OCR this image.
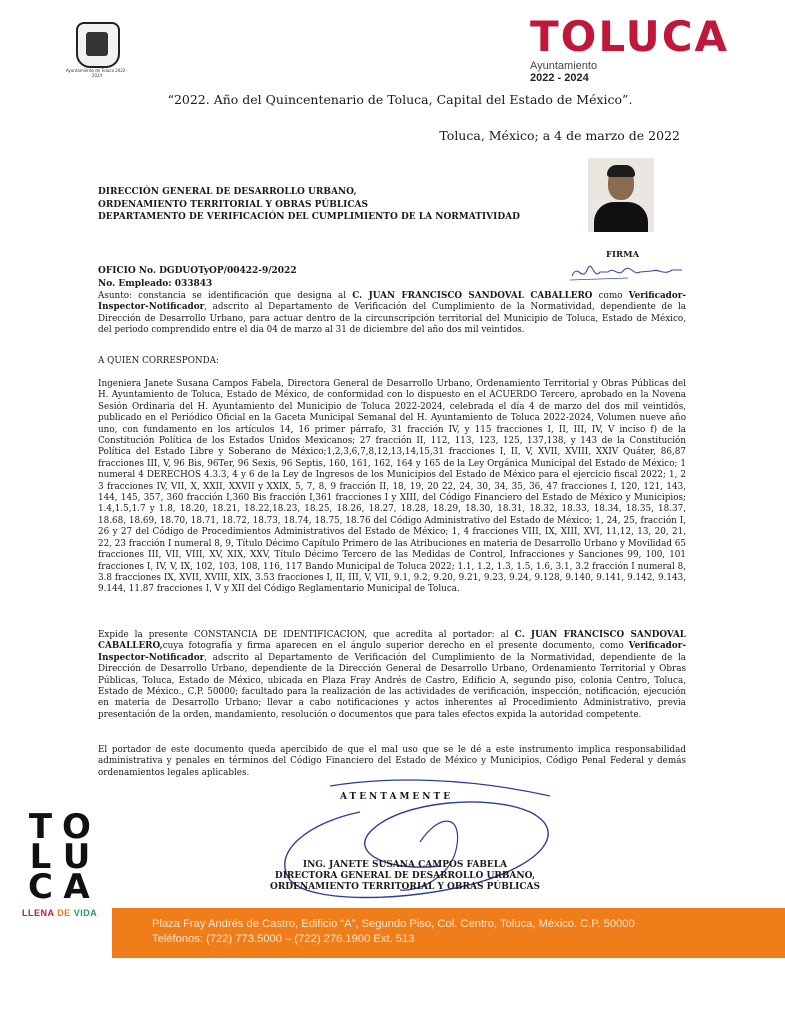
Ayuntamiento de Toluca 2022 - 2024
TOLUCA
Ayuntamiento
2022 - 2024
“2022. Año del Quincentenario de Toluca, Capital del Estado de México”.
Toluca, México; a 4 de marzo de 2022
DIRECCIÓN GENERAL DE DESARROLLO URBANO,
ORDENAMIENTO TERRITORIAL Y OBRAS PÚBLICAS
DEPARTAMENTO DE VERIFICACIÓN DEL CUMPLIMIENTO DE LA NORMATIVIDAD
FIRMA
OFICIO No. DGDUOTyOP/00422-9/2022
No. Empleado: 033843
Asunto: constancia se identificación que designa al C. JUAN FRANCISCO SANDOVAL CABALLERO como Verificador-Inspector-Notificador, adscrito al Departamento de Verificación del Cumplimiento de la Normatividad, dependiente de la Dirección de Desarrollo Urbano, para actuar dentro de la circunscripción territorial del Municipio de Toluca, Estado de México, del periodo comprendido entre el día 04 de marzo al 31 de diciembre del año dos mil veintidos.
A QUIEN CORRESPONDA:
Ingeniera Janete Susana Campos Fabela, Directora General de Desarrollo Urbano, Ordenamiento Territorial y Obras Públicas del H. Ayuntamiento de Toluca, Estado de México, de conformidad con lo dispuesto en el ACUERDO Tercero, aprobado en la Novena Sesión Ordinaria del H. Ayuntamiento del Municipio de Toluca 2022-2024, celebrada el día 4 de marzo del dos mil veintidós, publicado en el Periódico Oficial en la Gaceta Municipal Semanal del H. Ayuntamiento de Toluca 2022-2024, Volumen nueve año uno, con fundamento en los artículos 14, 16 primer párrafo, 31 fracción IV, y 115 fracciones I, II, III, IV, V inciso f) de la Constitución Política de los Estados Unidos Mexicanos; 27 fracción II, 112, 113, 123, 125, 137,138, y 143 de la Constitución Política del Estado Libre y Soberano de México;1,2,3,6,7,8,12,13,14,15,31 fracciones I, II, V, XVII, XVIII, XXIV Quáter, 86,87 fracciones III, V, 96 Bis, 96Ter, 96 Sexis, 96 Septis, 160, 161, 162, 164 y 165 de la Ley Orgánica Municipal del Estado de México; 1 numeral 4 DERECHOS 4.3.3, 4 y 6 de la Ley de Ingresos de los Municipios del Estado de México para el ejercicio fiscal 2022; 1, 2 3 fracciones IV, VII, X, XXII, XXVII y XXIX, 5, 7, 8, 9 fracción II, 18, 19, 20 22, 24, 30, 34, 35, 36, 47 fracciones I, 120, 121, 143, 144, 145, 357, 360 fracción I,360 Bis fracción I,361 fracciones I y XIII, del Código Financiero del Estado de México y Municipios; 1.4,1.5,1.7 y 1.8, 18.20, 18.21, 18.22,18.23, 18.25, 18.26, 18.27, 18.28, 18.29, 18.30, 18.31, 18.32, 18.33, 18.34, 18.35, 18.37, 18.68, 18.69, 18.70, 18.71, 18.72, 18.73, 18.74, 18.75, 18.76 del Código Administrativo del Estado de México; 1, 24, 25, fracción I, 26 y 27 del Código de Procedimientos Administrativos del Estado de México; 1, 4 fracciones VIII, IX, XIII, XVI, 11,12, 13, 20, 21, 22, 23 fracción I numeral 8, 9, Título Décimo Capítulo Primero de las Atribuciones en materia de Desarrollo Urbano y Movilidad 65 fracciones III, VII, VIII, XV, XIX, XXV, Título Décimo Tercero de las Medidas de Control, Infracciones y Sanciones 99, 100, 101 fracciones I, IV, V, IX, 102, 103, 108, 116, 117 Bando Municipal de Toluca 2022; 1.1, 1.2, 1.3, 1.5, 1.6, 3.1, 3.2 fracción I numeral 8, 3.8 fracciones IX, XVII, XVIII, XIX, 3.53 fracciones I, II, III, V, VII, 9.1, 9.2, 9.20, 9.21, 9.23, 9.24, 9.128, 9.140, 9.141, 9.142, 9.143, 9.144, 11.87 fracciones I, V y XII del Código Reglamentario Municipal de Toluca.
Expide la presente CONSTANCIA DE IDENTIFICACION, que acredita al portador: al C. JUAN FRANCISCO SANDOVAL CABALLERO,cuya fotografía y firma aparecen en el ángulo superior derecho en el presente documento, como Verificador-Inspector-Notificador, adscrito al Departamento de Verificación del Cumplimiento de la Normatividad, dependiente de la Dirección de Desarrollo Urbano, dependiente de la Dirección General de Desarrollo Urbano, Ordenamiento Territorial y Obras Públicas, Toluca, Estado de México, ubicada en Plaza Fray Andrés de Castro, Edificio A, segundo piso, colonia Centro, Toluca, Estado de México., C.P. 50000; facultado para la realización de las actividades de verificación, inspección, notificación, ejecución en materia de Desarrollo Urbano; llevar a cabo notificaciones y actos inherentes al Procedimiento Administrativo, previa presentación de la orden, mandamiento, resolución o documentos que para tales efectos expida la autoridad competente.
El portador de este documento queda apercibido de que el mal uso que se le dé a este instrumento implica responsabilidad administrativa y penales en términos del Código Financiero del Estado de México y Municipios, Código Penal Federal y demás ordenamientos legales aplicables.
ATENTAMENTE
ING. JANETE SUSANA CAMPOS FABELA
DIRECTORA GENERAL DE DESARROLLO URBANO,
ORDENAMIENTO TERRITORIAL Y OBRAS PÚBLICAS
T O
L U
C A
LLENA DE VIDA
Plaza Fray Andrés de Castro, Edificio “A”, Segundo Piso, Col. Centro, Toluca, México. C.P. 50000
Teléfonos: (722) 773.5000 – (722) 276.1900 Ext. 513
